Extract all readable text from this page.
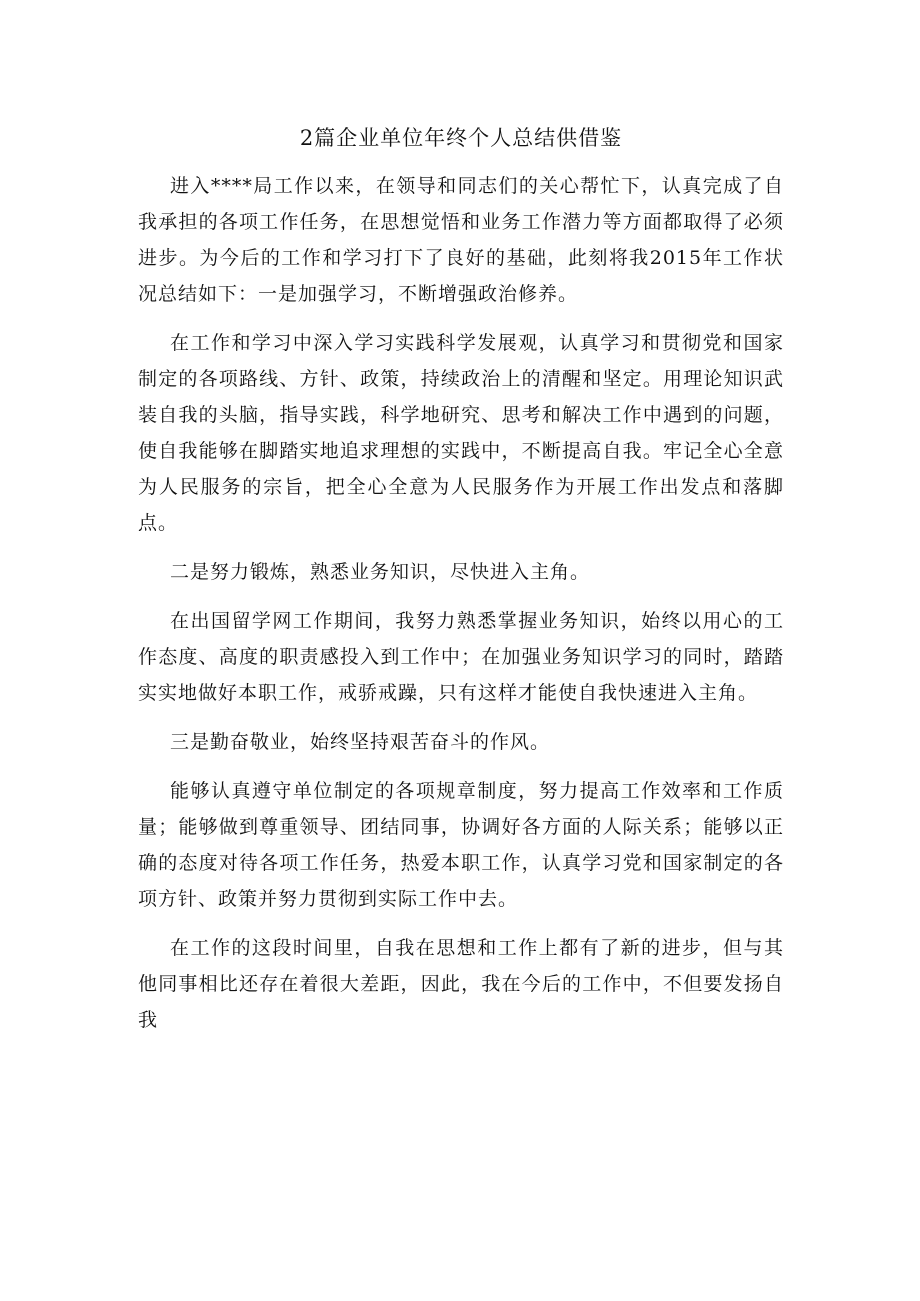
2篇企业单位年终个人总结供借鉴

进入****局工作以来，在领导和同志们的关心帮忙下，认真完成了自我承担的各项工作任务，在思想觉悟和业务工作潜力等方面都取得了必须进步。为今后的工作和学习打下了良好的基础，此刻将我2015年工作状况总结如下：一是加强学习，不断增强政治修养。

在工作和学习中深入学习实践科学发展观，认真学习和贯彻党和国家制定的各项路线、方针、政策，持续政治上的清醒和坚定。用理论知识武装自我的头脑，指导实践，科学地研究、思考和解决工作中遇到的问题，使自我能够在脚踏实地追求理想的实践中，不断提高自我。牢记全心全意为人民服务的宗旨，把全心全意为人民服务作为开展工作出发点和落脚点。

二是努力锻炼，熟悉业务知识，尽快进入主角。

在出国留学网工作期间，我努力熟悉掌握业务知识，始终以用心的工作态度、高度的职责感投入到工作中；在加强业务知识学习的同时，踏踏实实地做好本职工作，戒骄戒躁，只有这样才能使自我快速进入主角。

三是勤奋敬业，始终坚持艰苦奋斗的作风。

能够认真遵守单位制定的各项规章制度，努力提高工作效率和工作质量；能够做到尊重领导、团结同事，协调好各方面的人际关系；能够以正确的态度对待各项工作任务，热爱本职工作，认真学习党和国家制定的各项方针、政策并努力贯彻到实际工作中去。

在工作的这段时间里，自我在思想和工作上都有了新的进步，但与其他同事相比还存在着很大差距，因此，我在今后的工作中，不但要发扬自我
